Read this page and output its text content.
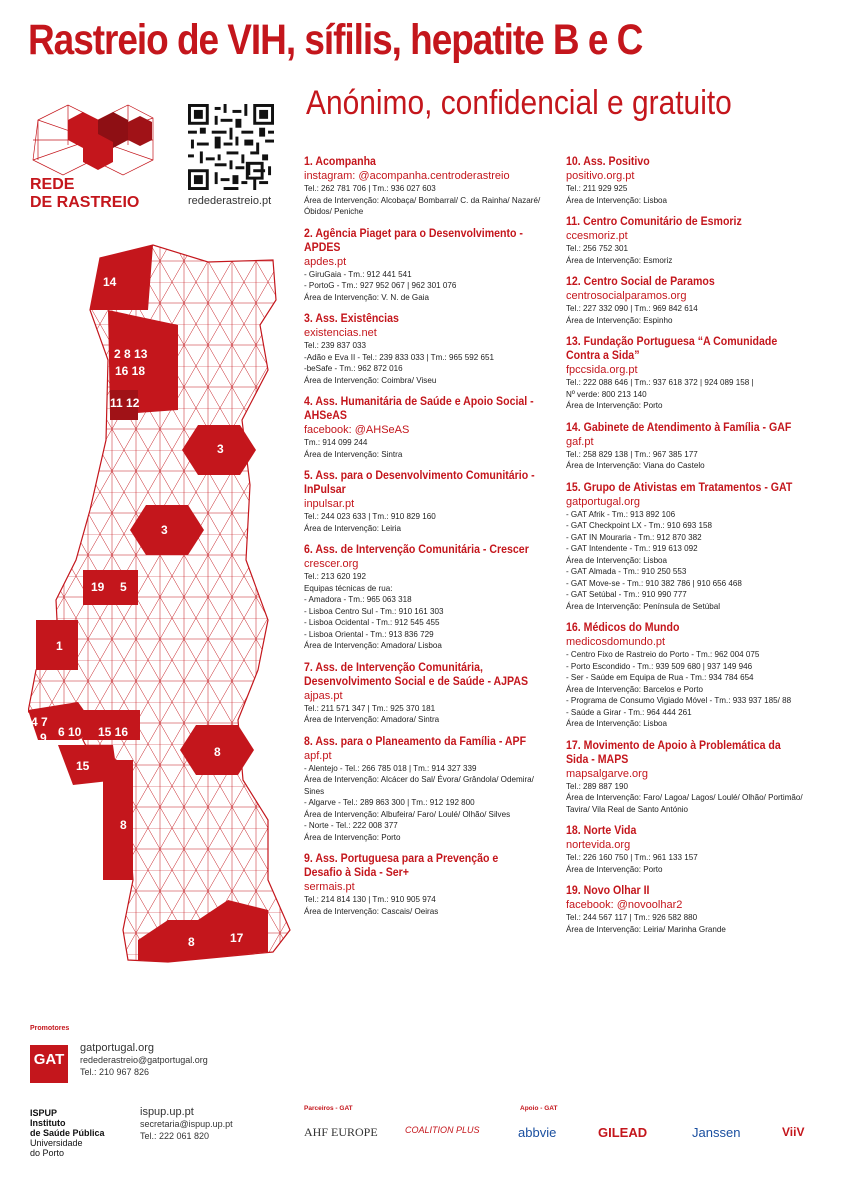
Rastreio de VIH, sífilis, hepatite B e C
Anónimo, confidencial e gratuito
REDE
DE RASTREIO	redederastreio.pt
14
2 8 13
16 18
11 12
3
3
19 5
1
4 7
9 6 10 15 16
15
8
8
17
8
1. Acompanha
instagram: @acompanha.centroderastreio
Tel.: 262 781 706 | Tm.: 936 027 603
Área de Intervenção: Alcobaça/ Bombarral/ C. da Rainha/ Nazaré/
Óbidos/ Peniche
2. Agência Piaget para o Desenvolvimento - APDES
apdes.pt
- GiruGaia - Tm.: 912 441 541
- PortoG - Tm.: 927 952 067 | 962 301 076
Área de Intervenção: V. N. de Gaia
3. Ass. Existências
existencias.net
Tel.: 239 837 033
-Adão e Eva II - Tel.: 239 833 033 | Tm.: 965 592 651
-beSafe - Tm.: 962 872 016
Área de Intervenção: Coimbra/ Viseu
4. Ass. Humanitária de Saúde e Apoio Social - AHSeAS
facebook: @AHSeAS
Tm.: 914 099 244
Área de Intervenção: Sintra
5. Ass. para o Desenvolvimento Comunitário - InPulsar
inpulsar.pt
Tel.: 244 023 633 | Tm.: 910 829 160
Área de Intervenção: Leiria
6. Ass. de Intervenção Comunitária - Crescer
crescer.org
Tel.: 213 620 192
Equipas técnicas de rua:
- Amadora - Tm.: 965 063 318
- Lisboa Centro Sul - Tm.: 910 161 303
- Lisboa Ocidental - Tm.: 912 545 455
- Lisboa Oriental - Tm.: 913 836 729
Área de Intervenção: Amadora/ Lisboa
7. Ass. de Intervenção Comunitária, Desenvolvimento Social e de Saúde - AJPAS
ajpas.pt
Tel.: 211 571 347 | Tm.: 925 370 181
Área de Intervenção: Amadora/ Sintra
8. Ass. para o Planeamento da Família - APF
apf.pt
- Alentejo - Tel.: 266 785 018 | Tm.: 914 327 339
Área de Intervenção: Alcácer do Sal/ Évora/ Grândola/ Odemira/
Sines
- Algarve - Tel.: 289 863 300 | Tm.: 912 192 800
Área de Intervenção: Albufeira/ Faro/ Loulé/ Olhão/ Silves
- Norte - Tel.: 222 008 377
Área de Intervenção: Porto
9. Ass. Portuguesa para a Prevenção e Desafio à Sida - Ser+
sermais.pt
Tel.: 214 814 130 | Tm.: 910 905 974
Área de Intervenção: Cascais/ Oeiras
10. Ass. Positivo
positivo.org.pt
Tel.: 211 929 925
Área de Intervenção: Lisboa
11. Centro Comunitário de Esmoriz
ccesmoriz.pt
Tel.: 256 752 301
Área de Intervenção: Esmoriz
12. Centro Social de Paramos
centrosocialparamos.org
Tel.: 227 332 090 | Tm.: 969 842 614
Área de Intervenção: Espinho
13. Fundação Portuguesa “A Comunidade Contra a Sida”
fpccsida.org.pt
Tel.: 222 088 646 | Tm.: 937 618 372 | 924 089 158 |
Nº verde: 800 213 140
Área de Intervenção: Porto
14. Gabinete de Atendimento à Família - GAF
gaf.pt
Tel.: 258 829 138 | Tm.: 967 385 177
Área de Intervenção: Viana do Castelo
15. Grupo de Ativistas em Tratamentos - GAT
gatportugal.org
- GAT Afrik - Tm.: 913 892 106
- GAT Checkpoint LX - Tm.: 910 693 158
- GAT IN Mouraria - Tm.: 912 870 382
- GAT Intendente - Tm.: 919 613 092
Área de Intervenção: Lisboa
- GAT Almada - Tm.: 910 250 553
- GAT Move-se - Tm.: 910 382 786 | 910 656 468
- GAT Setúbal - Tm.: 910 990 777
Área de Intervenção: Península de Setúbal
16. Médicos do Mundo
medicosdomundo.pt
- Centro Fixo de Rastreio do Porto - Tm.: 962 004 075
- Porto Escondido - Tm.: 939 509 680 | 937 149 946
- Ser - Saúde em Equipa de Rua - Tm.: 934 784 654
Área de Intervenção: Barcelos e Porto
- Programa de Consumo Vigiado Móvel - Tm.: 933 937 185/ 88
- Saúde a Girar - Tm.: 964 444 261
Área de Intervenção: Lisboa
17. Movimento de Apoio à Problemática da Sida - MAPS
mapsalgarve.org
Tel.: 289 887 190
Área de Intervenção: Faro/ Lagoa/ Lagos/ Loulé/ Olhão/ Portimão/
Tavira/ Vila Real de Santo António
18. Norte Vida
nortevida.org
Tel.: 226 160 750 | Tm.: 961 133 157
Área de Intervenção: Porto
19. Novo Olhar II
facebook: @novoolhar2
Tel.: 244 567 117 | Tm.: 926 582 880
Área de Intervenção: Leiria/ Marinha Grande
Promotores
GAT
gatportugal.org
redederastreio@gatportugal.org
Tel.: 210 967 826
ISPUP
Instituto
de Saúde Pública
Universidade
do Porto
ispup.up.pt
secretaria@ispup.up.pt
Tel.: 222 061 820
Parceiros - GAT	Apoio - GAT
AHF EUROPE	COALITION PLUS	abbvie	GILEAD	Janssen	ViiV
